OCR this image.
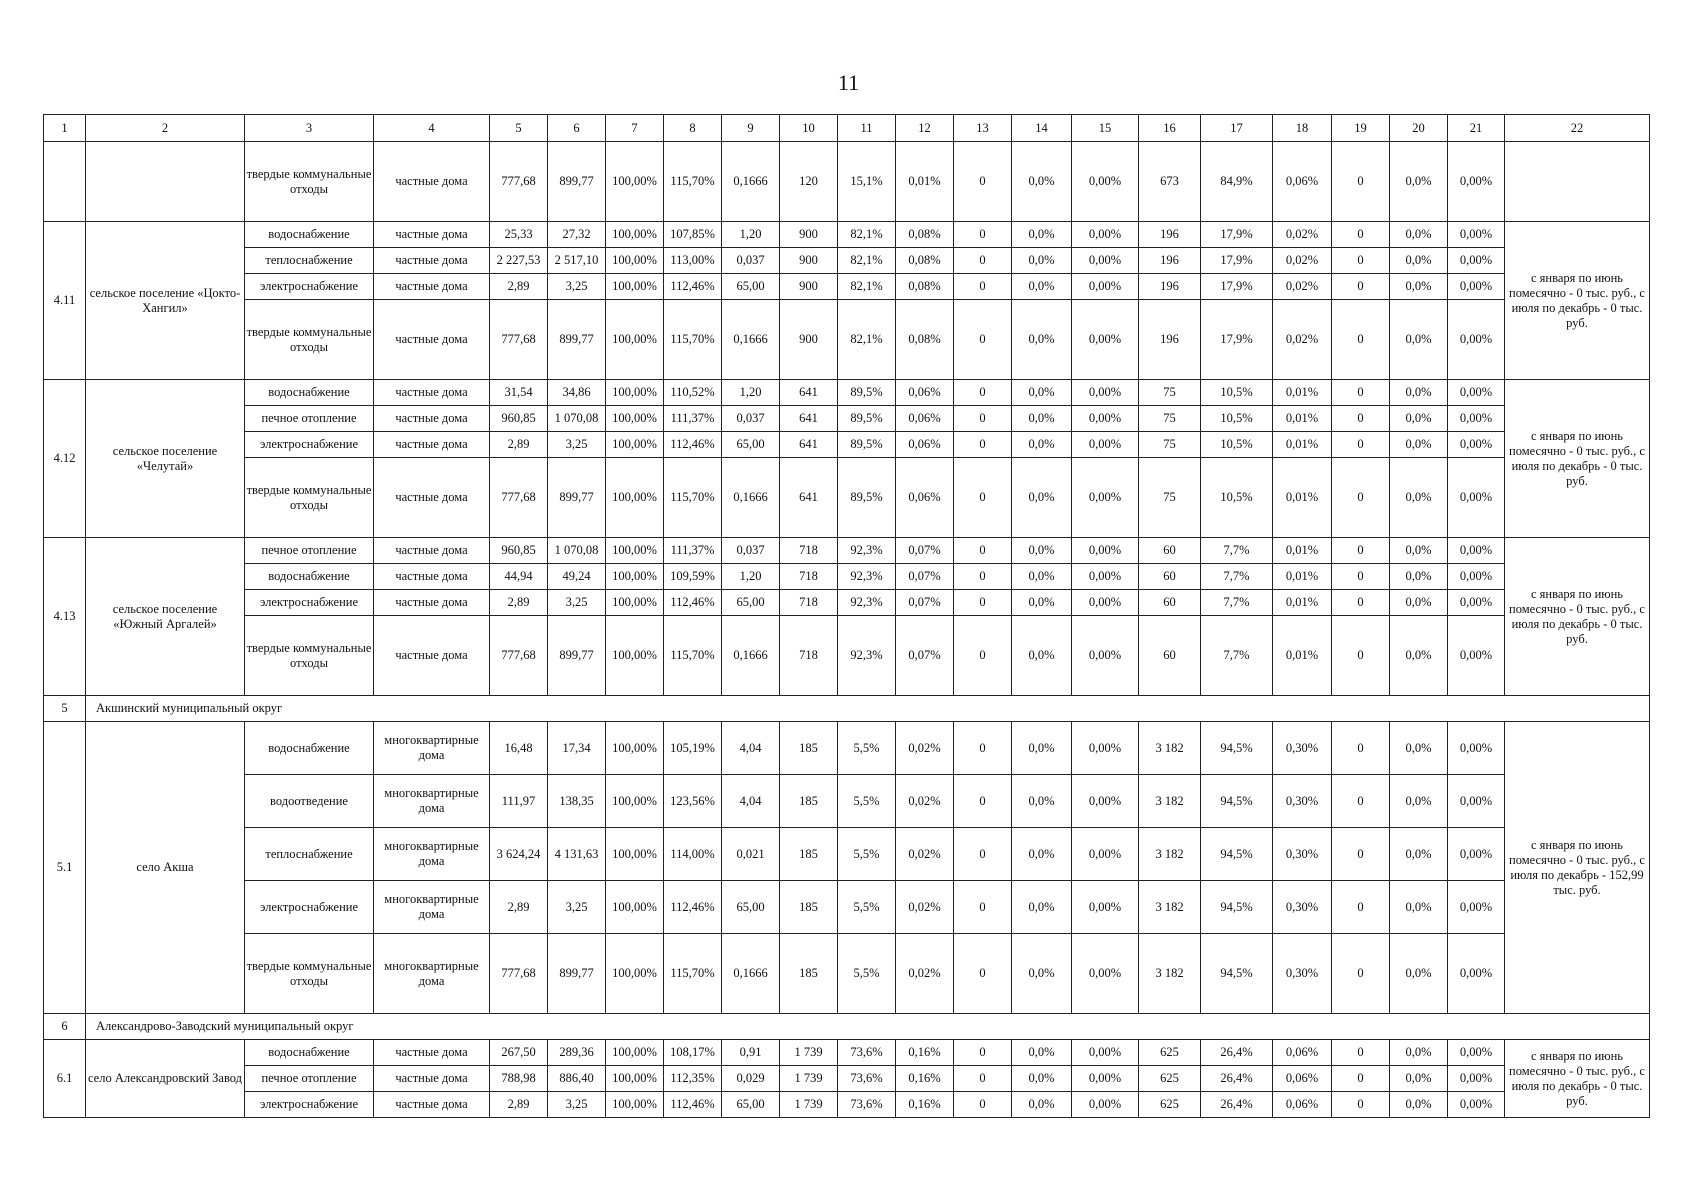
11
1	2	3	4	5	6	7	8	9	10	11	12	13	14	15	16	17	18	19	20	21	22
		твердые коммунальные отходы	частные дома	777,68	899,77	100,00%	115,70%	0,1666	120	15,1%	0,01%	0	0,0%	0,00%	673	84,9%	0,06%	0	0,0%	0,00%	
4.11	сельское поселение «Цокто-Хангил»	водоснабжение	частные дома	25,33	27,32	100,00%	107,85%	1,20	900	82,1%	0,08%	0	0,0%	0,00%	196	17,9%	0,02%	0	0,0%	0,00%	с января по июнь помесячно - 0 тыс. руб., с июля по декабрь - 0 тыс. руб.
		теплоснабжение	частные дома	2 227,53	2 517,10	100,00%	113,00%	0,037	900	82,1%	0,08%	0	0,0%	0,00%	196	17,9%	0,02%	0	0,0%	0,00%	
		электроснабжение	частные дома	2,89	3,25	100,00%	112,46%	65,00	900	82,1%	0,08%	0	0,0%	0,00%	196	17,9%	0,02%	0	0,0%	0,00%	
		твердые коммунальные отходы	частные дома	777,68	899,77	100,00%	115,70%	0,1666	900	82,1%	0,08%	0	0,0%	0,00%	196	17,9%	0,02%	0	0,0%	0,00%	
4.12	сельское поселение «Челутай»	водоснабжение	частные дома	31,54	34,86	100,00%	110,52%	1,20	641	89,5%	0,06%	0	0,0%	0,00%	75	10,5%	0,01%	0	0,0%	0,00%	с января по июнь помесячно - 0 тыс. руб., с июля по декабрь - 0 тыс. руб.
		печное отопление	частные дома	960,85	1 070,08	100,00%	111,37%	0,037	641	89,5%	0,06%	0	0,0%	0,00%	75	10,5%	0,01%	0	0,0%	0,00%	
		электроснабжение	частные дома	2,89	3,25	100,00%	112,46%	65,00	641	89,5%	0,06%	0	0,0%	0,00%	75	10,5%	0,01%	0	0,0%	0,00%	
		твердые коммунальные отходы	частные дома	777,68	899,77	100,00%	115,70%	0,1666	641	89,5%	0,06%	0	0,0%	0,00%	75	10,5%	0,01%	0	0,0%	0,00%	
4.13	сельское поселение «Южный Аргалей»	печное отопление	частные дома	960,85	1 070,08	100,00%	111,37%	0,037	718	92,3%	0,07%	0	0,0%	0,00%	60	7,7%	0,01%	0	0,0%	0,00%	с января по июнь помесячно - 0 тыс. руб., с июля по декабрь - 0 тыс. руб.
		водоснабжение	частные дома	44,94	49,24	100,00%	109,59%	1,20	718	92,3%	0,07%	0	0,0%	0,00%	60	7,7%	0,01%	0	0,0%	0,00%	
		электроснабжение	частные дома	2,89	3,25	100,00%	112,46%	65,00	718	92,3%	0,07%	0	0,0%	0,00%	60	7,7%	0,01%	0	0,0%	0,00%	
		твердые коммунальные отходы	частные дома	777,68	899,77	100,00%	115,70%	0,1666	718	92,3%	0,07%	0	0,0%	0,00%	60	7,7%	0,01%	0	0,0%	0,00%	
5	Акшинский муниципальный округ																				
5.1	село Акша	водоснабжение	многоквартирные дома	16,48	17,34	100,00%	105,19%	4,04	185	5,5%	0,02%	0	0,0%	0,00%	3 182	94,5%	0,30%	0	0,0%	0,00%	с января по июнь помесячно - 0 тыс. руб., с июля по декабрь - 152,99 тыс. руб.
		водоотведение	многоквартирные дома	111,97	138,35	100,00%	123,56%	4,04	185	5,5%	0,02%	0	0,0%	0,00%	3 182	94,5%	0,30%	0	0,0%	0,00%	
		теплоснабжение	многоквартирные дома	3 624,24	4 131,63	100,00%	114,00%	0,021	185	5,5%	0,02%	0	0,0%	0,00%	3 182	94,5%	0,30%	0	0,0%	0,00%	
		электроснабжение	многоквартирные дома	2,89	3,25	100,00%	112,46%	65,00	185	5,5%	0,02%	0	0,0%	0,00%	3 182	94,5%	0,30%	0	0,0%	0,00%	
		твердые коммунальные отходы	многоквартирные дома	777,68	899,77	100,00%	115,70%	0,1666	185	5,5%	0,02%	0	0,0%	0,00%	3 182	94,5%	0,30%	0	0,0%	0,00%	
6	Александрово-Заводский муниципальный округ																				
6.1	село Александровский Завод	водоснабжение	частные дома	267,50	289,36	100,00%	108,17%	0,91	1 739	73,6%	0,16%	0	0,0%	0,00%	625	26,4%	0,06%	0	0,0%	0,00%	с января по июнь помесячно - 0 тыс. руб., с июля по декабрь - 0 тыс. руб.
		печное отопление	частные дома	788,98	886,40	100,00%	112,35%	0,029	1 739	73,6%	0,16%	0	0,0%	0,00%	625	26,4%	0,06%	0	0,0%	0,00%	
		электроснабжение	частные дома	2,89	3,25	100,00%	112,46%	65,00	1 739	73,6%	0,16%	0	0,0%	0,00%	625	26,4%	0,06%	0	0,0%	0,00%	
